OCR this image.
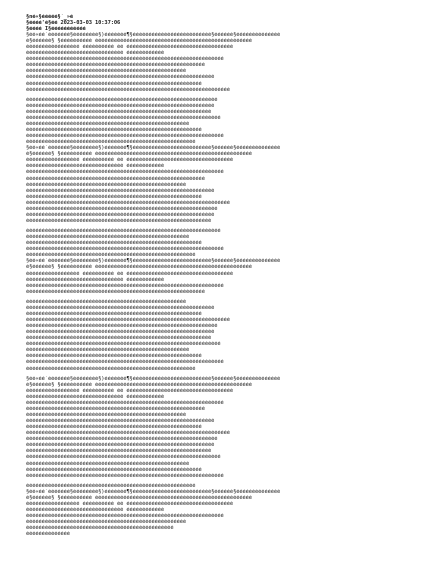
§né«§ééééé§´_»é
§éééé'é§éé 2023-03-03 10:37:06
§éééé I§ééééééééééé
§éé«éé´ééééééé§éééééééé§)ééééééé¶§ééééééééééééééééééééééééé§éééééé§éééééééééééééé
é§éééééé§ §éééééééééé éééééééééééééééééééééééééééééééééééééééééééééééééé
ééééééééééééééééé éééééééééé éé éééééééééééééééééééééééééééééééééé
ééééééééééééééééééééééééééééééé éééééééééééé
ééééééééééééééééééééééééééééééééééééééééééééééééééééééééééééééé
ééééééééééééééééééééééééééééééééééééééééééééééééééééééééé
ééééééééééééééééééééééééééééééééééééééééééééééééééé
éééééééééééééééééééééééééééééééééééééééééééééééééééééééééééé
éééééééééééééééééééééééééééééééééééééééééééééééééééééééé
ééééééééééééééééééééééééééééééééééééééééééééééééééééééééééééééééé
ééééééééééééééééééééééééééééééééééééééééééééééééééééééééééééé
éééééééééééééééééééééééééééééééééééééééééééééééééééééééééééé
ééééééééééééééééééééééééééééééééééééééééééééééééééééééééééé
éééééééééééééééééééééééééééééééééééééééééééééééééééééééééééééé
éééééééééééééééééééééééééééééééééééééééééééééééééééé
éééééééééééééééééééééééééééééééééééééééééééééééééééééééé
ééééééééééééééééééééééééééééééééééééééééééééééééééééééééééééééé
éééééééééééééééééééééééééééééééééééééééééééééééééééééé
§éé«éé´ééééééé§éééééééé§)ééééééé¶§ééééééééééééééééééééééééé§éééééé§éééééééééééééé
é§éééééé§ §éééééééééé éééééééééééééééééééééééééééééééééééééééééééééééééé
ééééééééééééééééé éééééééééé éé éééééééééééééééééééééééééééééééééé
ééééééééééééééééééééééééééééééé éééééééééééé
ééééééééééééééééééééééééééééééééééééééééééééééééééééééééééééééé
ééééééééééééééééééééééééééééééééééééééééééééééééééééééééé
ééééééééééééééééééééééééééééééééééééééééééééééééééé
éééééééééééééééééééééééééééééééééééééééééééééééééééééééééééé
éééééééééééééééééééééééééééééééééééééééééééééééééééééééé
ééééééééééééééééééééééééééééééééééééééééééééééééééééééééééééééééé
ééééééééééééééééééééééééééééééééééééééééééééééééééééééééééééé
éééééééééééééééééééééééééééééééééééééééééééééééééééééééééééé
ééééééééééééééééééééééééééééééééééééééééééééééééééééééééééé
éééééééééééééééééééééééééééééééééééééééééééééééééééééééééééééé
éééééééééééééééééééééééééééééééééééééééééééééééééééé
éééééééééééééééééééééééééééééééééééééééééééééééééééééééé
ééééééééééééééééééééééééééééééééééééééééééééééééééééééééééééééé
éééééééééééééééééééééééééééééééééééééééééééééééééééééé
§éé«éé´ééééééé§éééééééé§)ééééééé¶§ééééééééééééééééééééééééé§éééééé§éééééééééééééé
é§éééééé§ §éééééééééé éééééééééééééééééééééééééééééééééééééééééééééééééé
ééééééééééééééééé éééééééééé éé éééééééééééééééééééééééééééééééééé
ééééééééééééééééééééééééééééééé éééééééééééé
ééééééééééééééééééééééééééééééééééééééééééééééééééééééééééééééé
ééééééééééééééééééééééééééééééééééééééééééééééééééééééééé
ééééééééééééééééééééééééééééééééééééééééééééééééééé
éééééééééééééééééééééééééééééééééééééééééééééééééééééééééééé
éééééééééééééééééééééééééééééééééééééééééééééééééééééééé
ééééééééééééééééééééééééééééééééééééééééééééééééééééééééééééééééé
ééééééééééééééééééééééééééééééééééééééééééééééééééééééééééééé
éééééééééééééééééééééééééééééééééééééééééééééééééééééééééééé
ééééééééééééééééééééééééééééééééééééééééééééééééééééééééééé
éééééééééééééééééééééééééééééééééééééééééééééééééééééééééééééé
éééééééééééééééééééééééééééééééééééééééééééééééééééé
éééééééééééééééééééééééééééééééééééééééééééééééééééééééé
ééééééééééééééééééééééééééééééééééééééééééééééééééééééééééééééé
éééééééééééééééééééééééééééééééééééééééééééééééééééééé
§éé«éé´ééééééé§éééééééé§)ééééééé¶§ééééééééééééééééééééééééé§éééééé§éééééééééééééé
é§éééééé§ §éééééééééé éééééééééééééééééééééééééééééééééééééééééééééééééé
ééééééééééééééééé éééééééééé éé éééééééééééééééééééééééééééééééééé
ééééééééééééééééééééééééééééééé éééééééééééé
ééééééééééééééééééééééééééééééééééééééééééééééééééééééééééééééé
ééééééééééééééééééééééééééééééééééééééééééééééééééééééééé
ééééééééééééééééééééééééééééééééééééééééééééééééééé
éééééééééééééééééééééééééééééééééééééééééééééééééééééééééééé
éééééééééééééééééééééééééééééééééééééééééééééééééééééééé
ééééééééééééééééééééééééééééééééééééééééééééééééééééééééééééééééé
ééééééééééééééééééééééééééééééééééééééééééééééééééééééééééééé
éééééééééééééééééééééééééééééééééééééééééééééééééééééééééééé
ééééééééééééééééééééééééééééééééééééééééééééééééééééééééééé
éééééééééééééééééééééééééééééééééééééééééééééééééééééééééééééé
éééééééééééééééééééééééééééééééééééééééééééééééééééé
éééééééééééééééééééééééééééééééééééééééééééééééééééééééé
ééééééééééééééééééééééééééééééééééééééééééééééééééééééééééééééé
éééééééééééééééééééééééééééééééééééééééééééééééééééééé
§éé«éé´ééééééé§éééééééé§)ééééééé¶§ééééééééééééééééééééééééé§éééééé§éééééééééééééé
é§éééééé§ §éééééééééé éééééééééééééééééééééééééééééééééééééééééééééééééé
ééééééééééééééééé éééééééééé éé éééééééééééééééééééééééééééééééééé
ééééééééééééééééééééééééééééééé éééééééééééé
ééééééééééééééééééééééééééééééééééééééééééééééééééééééééééééééé
ééééééééééééééééééééééééééééééééééééééééééééééééééé
ééééééééééééééééééééééééééééééééééééééééééééééé
éééééééééééééé
